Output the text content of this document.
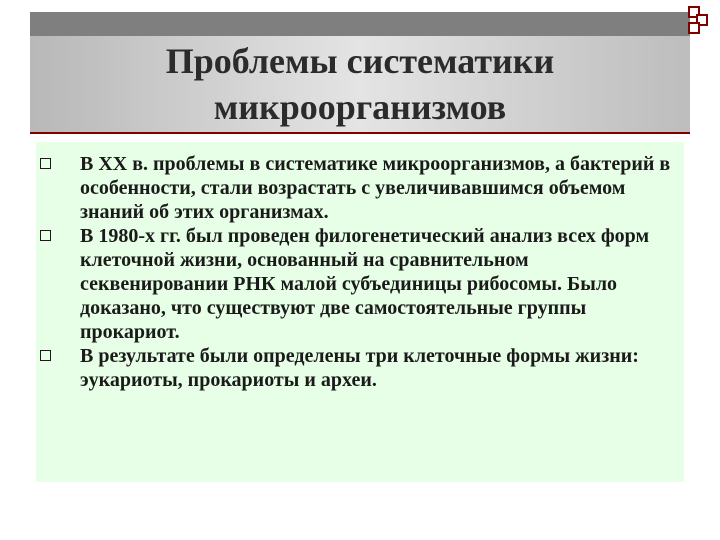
Проблемы систематики
микроорганизмов
В XX в. проблемы в систематике микроорганизмов, а бактерий в особенности, стали возрастать с увеличивавшимся объемом знаний об этих организмах.
В 1980-х гг. был проведен филогенетический анализ всех форм клеточной жизни, основанный на сравнительном секвенировании РНК малой субъединицы рибосомы. Было доказано, что существуют две самостоятельные группы прокариот.
В результате были определены три клеточные формы жизни: эукариоты, прокариоты и археи.
